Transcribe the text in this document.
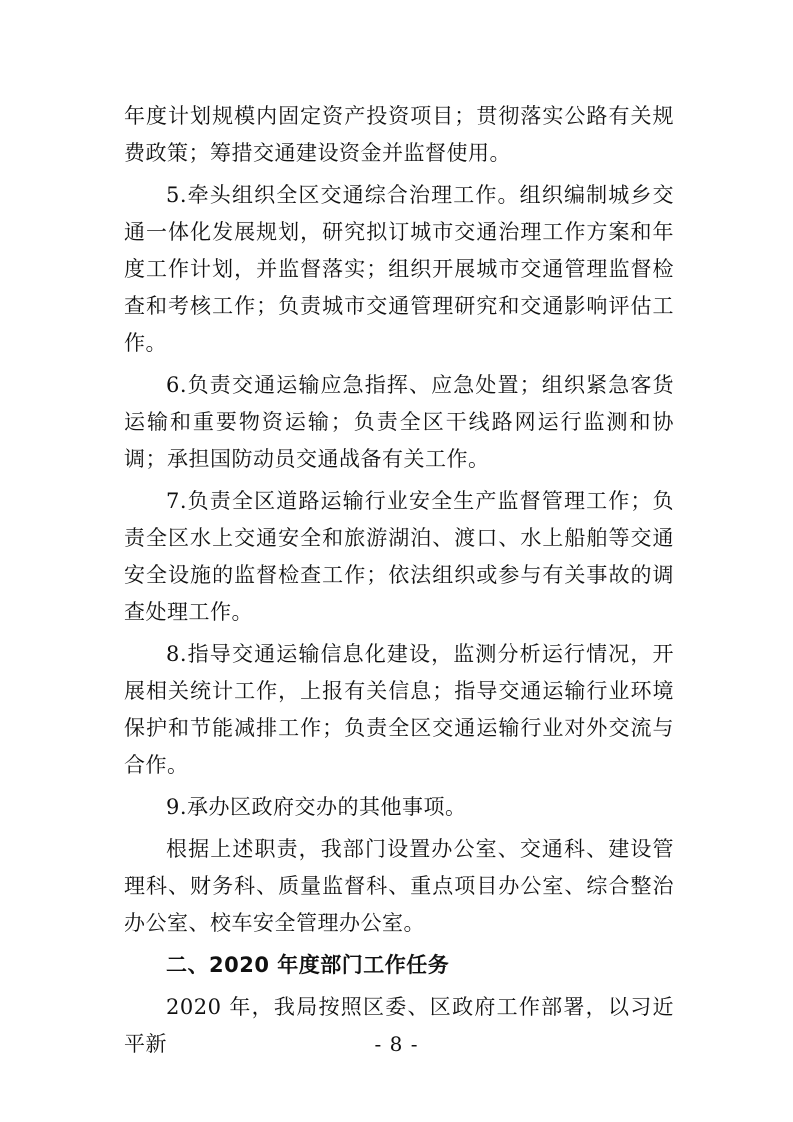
年度计划规模内固定资产投资项目；贯彻落实公路有关规费政策；筹措交通建设资金并监督使用。

5.牵头组织全区交通综合治理工作。组织编制城乡交通一体化发展规划，研究拟订城市交通治理工作方案和年度工作计划，并监督落实；组织开展城市交通管理监督检查和考核工作；负责城市交通管理研究和交通影响评估工作。

6.负责交通运输应急指挥、应急处置；组织紧急客货运输和重要物资运输；负责全区干线路网运行监测和协调；承担国防动员交通战备有关工作。

7.负责全区道路运输行业安全生产监督管理工作；负责全区水上交通安全和旅游湖泊、渡口、水上船舶等交通安全设施的监督检查工作；依法组织或参与有关事故的调查处理工作。

8.指导交通运输信息化建设，监测分析运行情况，开展相关统计工作，上报有关信息；指导交通运输行业环境保护和节能减排工作；负责全区交通运输行业对外交流与合作。

9.承办区政府交办的其他事项。

根据上述职责，我部门设置办公室、交通科、建设管理科、财务科、质量监督科、重点项目办公室、综合整治办公室、校车安全管理办公室。

二、2020 年度部门工作任务

2020 年，我局按照区委、区政府工作部署，以习近平新	- 8 -
